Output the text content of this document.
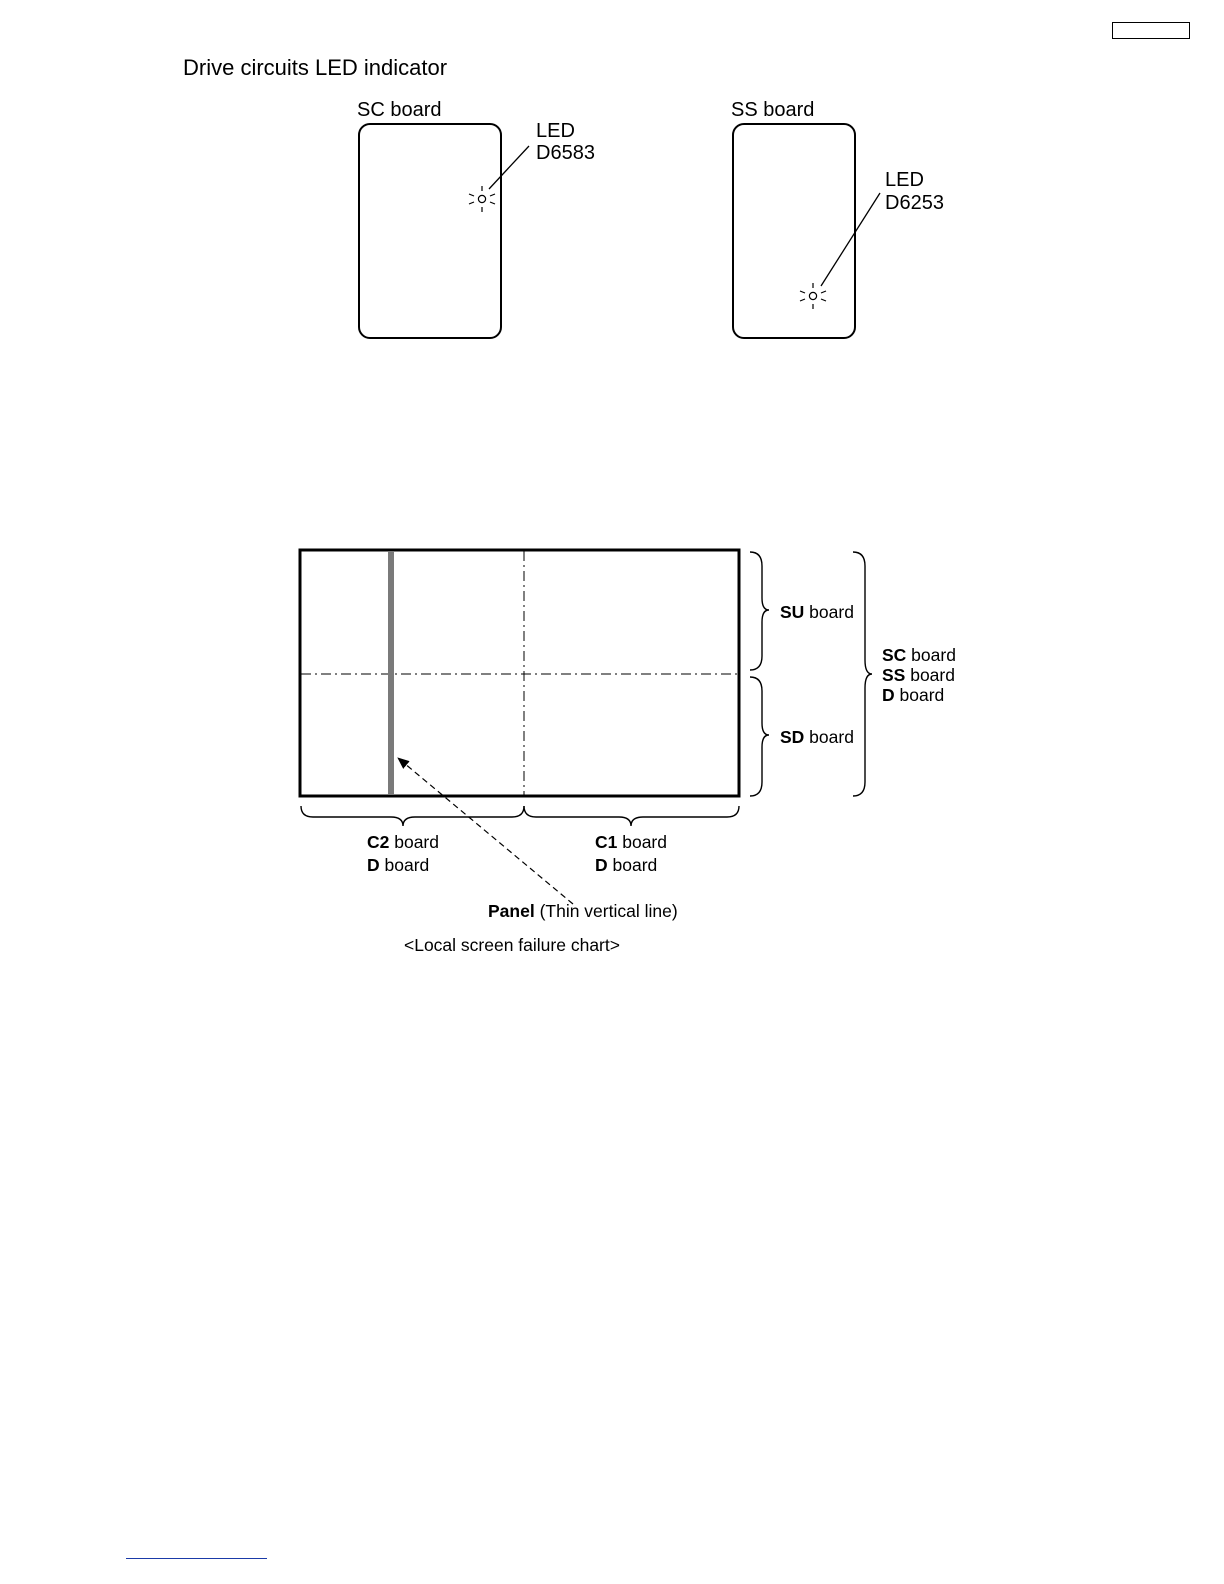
Drive circuits LED indicator
SC board
LED
D6583
SS board
LED
D6253
SU board
SD board
SC board
SS board
D board
C2 board
D board
C1 board
D board
Panel (Thin vertical line)
<Local screen failure chart>
